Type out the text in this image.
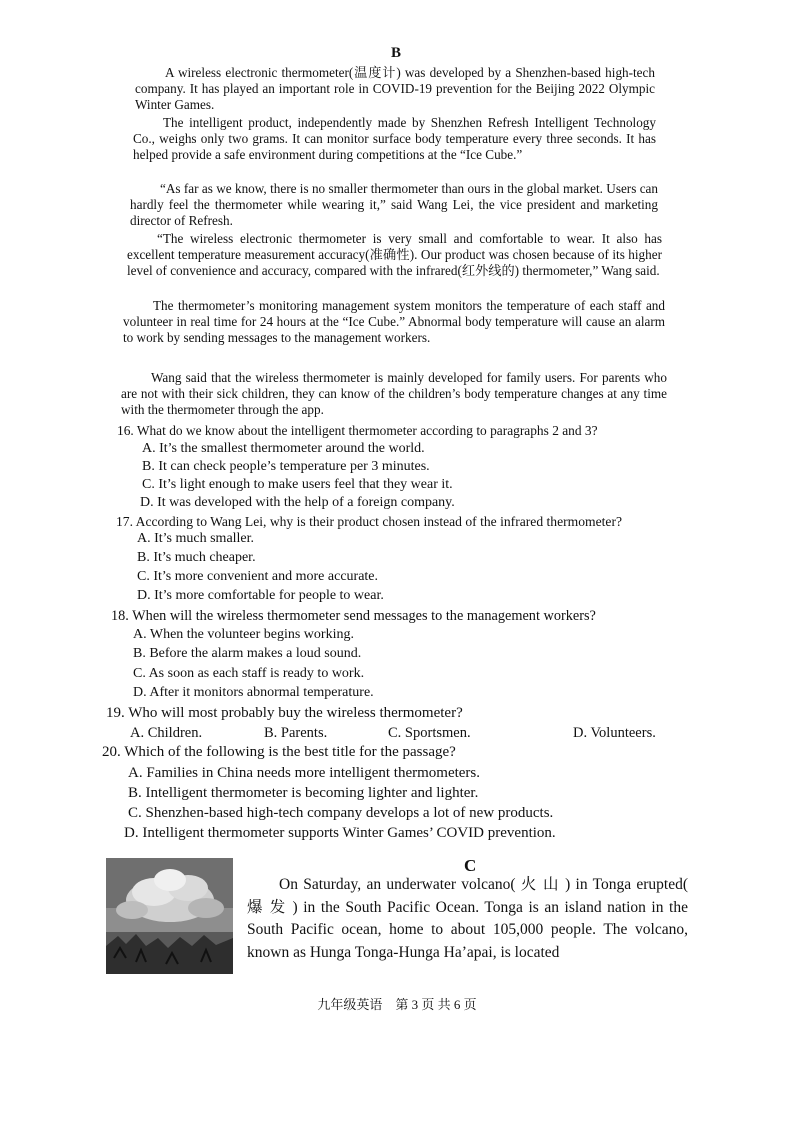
B

A wireless electronic thermometer(温度计) was developed by a Shenzhen-based high-tech company. It has played an important role in COVID-19 prevention for the Beijing 2022 Olympic Winter Games.

The intelligent product, independently made by Shenzhen Refresh Intelligent Technology Co., weighs only two grams. It can monitor surface body temperature every three seconds. It has helped provide a safe environment during competitions at the “Ice Cube.”

“As far as we know, there is no smaller thermometer than ours in the global market. Users can hardly feel the thermometer while wearing it,” said Wang Lei, the vice president and marketing director of Refresh.

“The wireless electronic thermometer is very small and comfortable to wear. It also has excellent temperature measurement accuracy(准确性). Our product was chosen because of its higher level of convenience and accuracy, compared with the infrared(红外线的) thermometer,” Wang said.

The thermometer’s monitoring management system monitors the temperature of each staff and volunteer in real time for 24 hours at the “Ice Cube.” Abnormal body temperature will cause an alarm to work by sending messages to the management workers.

Wang said that the wireless thermometer is mainly developed for family users. For parents who are not with their sick children, they can know of the children’s body temperature changes at any time with the thermometer through the app.

16. What do we know about the intelligent thermometer according to paragraphs 2 and 3?
A. It’s the smallest thermometer around the world.
B. It can check people’s temperature per 3 minutes.
C. It’s light enough to make users feel that they wear it.
D. It was developed with the help of a foreign company.
17. According to Wang Lei, why is their product chosen instead of the infrared thermometer?
A. It’s much smaller.
B. It’s much cheaper.
C. It’s more convenient and more accurate.
D. It’s more comfortable for people to wear.
18. When will the wireless thermometer send messages to the management workers?
A. When the volunteer begins working.
B. Before the alarm makes a loud sound.
C. As soon as each staff is ready to work.
D. After it monitors abnormal temperature.
19. Who will most probably buy the wireless thermometer?
A. Children.	B. Parents.	C. Sportsmen.	D. Volunteers.
20. Which of the following is the best title for the passage?
A. Families in China needs more intelligent thermometers.
B. Intelligent thermometer is becoming lighter and lighter.
C. Shenzhen-based high-tech company develops a lot of new products.
D. Intelligent thermometer supports Winter Games’ COVID prevention.
C

On Saturday, an underwater volcano( 火 山 ) in Tonga erupted( 爆 发 ) in the South Pacific Ocean. Tonga is an island nation in the South Pacific ocean, home to about 105,000 people. The volcano, known as Hunga Tonga-Hunga Ha’apai, is located

九年级英语　第 3 页 共 6 页
